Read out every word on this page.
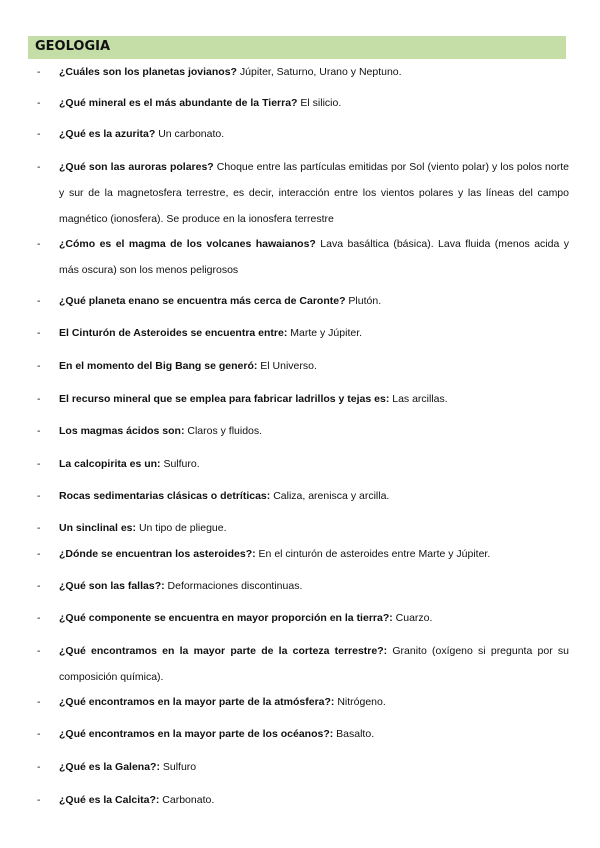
GEOLOGIA
- ¿Cuáles son los planetas jovianos? Júpiter, Saturno, Urano y Neptuno.
- ¿Qué mineral es el más abundante de la Tierra? El silicio.
- ¿Qué es la azurita? Un carbonato.
- ¿Qué son las auroras polares? Choque entre las partículas emitidas por Sol (viento polar) y los polos norte y sur de la magnetosfera terrestre, es decir, interacción entre los vientos polares y las líneas del campo magnético (ionosfera). Se produce en la ionosfera terrestre
- ¿Cómo es el magma de los volcanes hawaianos? Lava basáltica (básica). Lava fluida (menos acida y más oscura) son los menos peligrosos
- ¿Qué planeta enano se encuentra más cerca de Caronte? Plutón.
- El Cinturón de Asteroides se encuentra entre: Marte y Júpiter.
- En el momento del Big Bang se generó: El Universo.
- El recurso mineral que se emplea para fabricar ladrillos y tejas es: Las arcillas.
- Los magmas ácidos son: Claros y fluidos.
- La calcopirita es un: Sulfuro.
- Rocas sedimentarias clásicas o detríticas: Caliza, arenisca y arcilla.
- Un sinclinal es: Un tipo de pliegue.
- ¿Dónde se encuentran los asteroides?: En el cinturón de asteroides entre Marte y Júpiter.
- ¿Qué son las fallas?: Deformaciones discontinuas.
- ¿Qué componente se encuentra en mayor proporción en la tierra?: Cuarzo.
- ¿Qué encontramos en la mayor parte de la corteza terrestre?: Granito (oxígeno si pregunta por su composición química).
- ¿Qué encontramos en la mayor parte de la atmósfera?: Nitrógeno.
- ¿Qué encontramos en la mayor parte de los océanos?: Basalto.
- ¿Qué es la Galena?: Sulfuro
- ¿Qué es la Calcita?: Carbonato.
